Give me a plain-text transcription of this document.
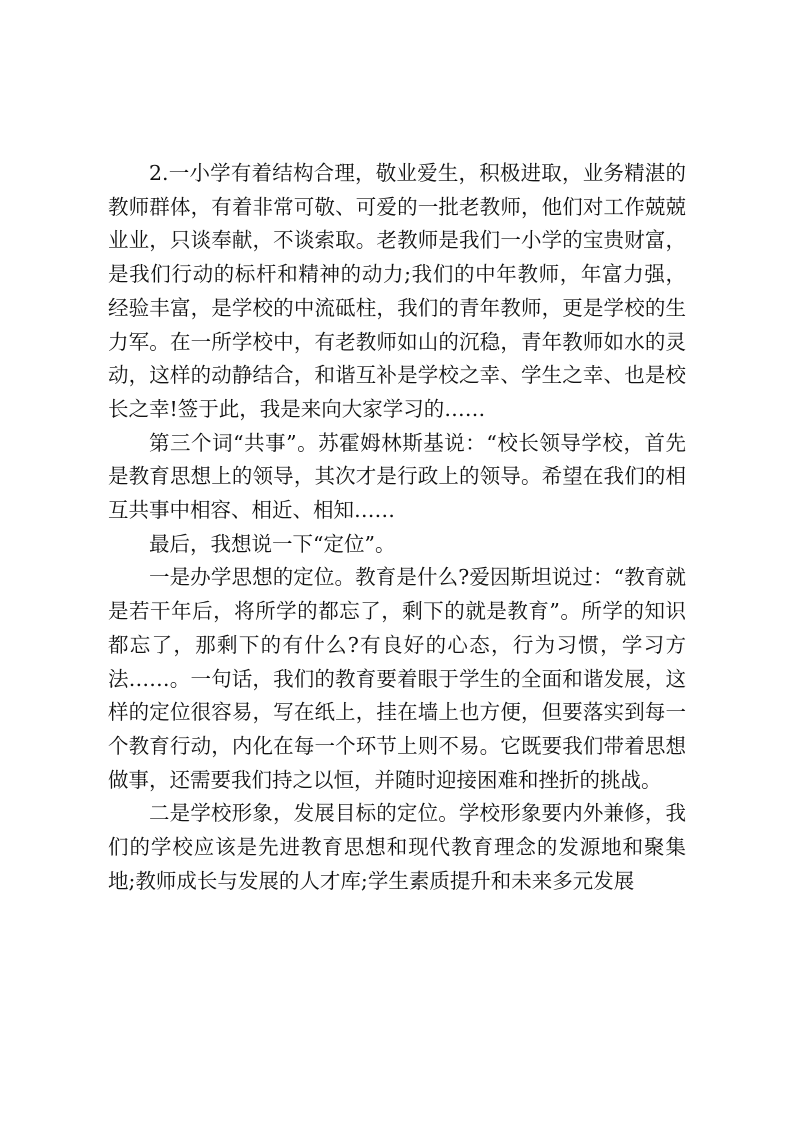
2.一小学有着结构合理，敬业爱生，积极进取，业务精湛的教师群体，有着非常可敬、可爱的一批老教师，他们对工作兢兢业业，只谈奉献，不谈索取。老教师是我们一小学的宝贵财富，是我们行动的标杆和精神的动力;我们的中年教师，年富力强，经验丰富，是学校的中流砥柱，我们的青年教师，更是学校的生力军。在一所学校中，有老教师如山的沉稳，青年教师如水的灵动，这样的动静结合，和谐互补是学校之幸、学生之幸、也是校长之幸!签于此，我是来向大家学习的……

第三个词“共事”。苏霍姆林斯基说：“校长领导学校，首先是教育思想上的领导，其次才是行政上的领导。希望在我们的相互共事中相容、相近、相知……

最后，我想说一下“定位”。

一是办学思想的定位。教育是什么?爱因斯坦说过：“教育就是若干年后，将所学的都忘了，剩下的就是教育”。所学的知识都忘了，那剩下的有什么?有良好的心态，行为习惯，学习方法……。一句话，我们的教育要着眼于学生的全面和谐发展，这样的定位很容易，写在纸上，挂在墙上也方便，但要落实到每一个教育行动，内化在每一个环节上则不易。它既要我们带着思想做事，还需要我们持之以恒，并随时迎接困难和挫折的挑战。

二是学校形象，发展目标的定位。学校形象要内外兼修，我们的学校应该是先进教育思想和现代教育理念的发源地和聚集地;教师成长与发展的人才库;学生素质提升和未来多元发展
